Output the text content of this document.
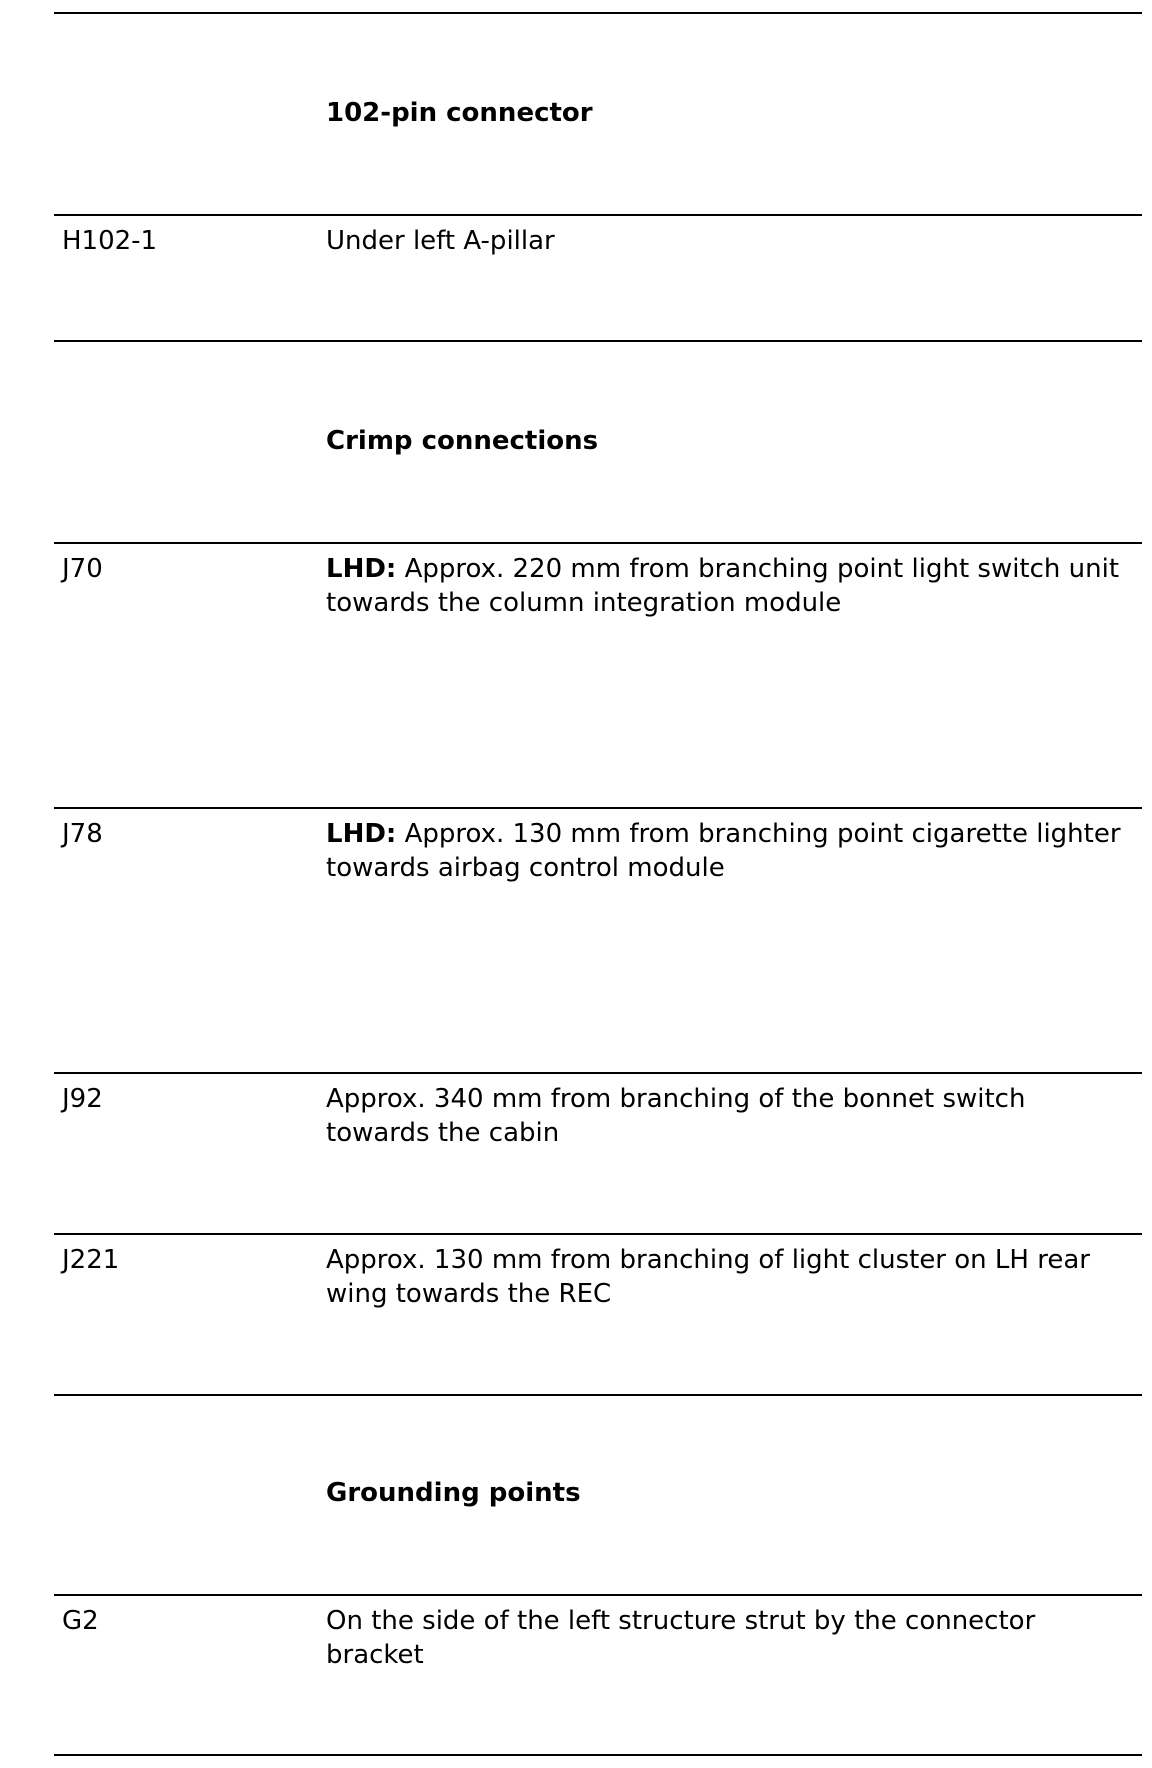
102-pin connector
H102-1	Under left A-pillar
Crimp connections
J70	LHD: Approx. 220 mm from branching point light switch unit towards the column integration module
J78	LHD: Approx. 130 mm from branching point cigarette lighter towards airbag control module
J92	Approx. 340 mm from branching of the bonnet switch towards the cabin
J221	Approx. 130 mm from branching of light cluster on LH rear wing towards the REC
Grounding points
G2	On the side of the left structure strut by the connector bracket
